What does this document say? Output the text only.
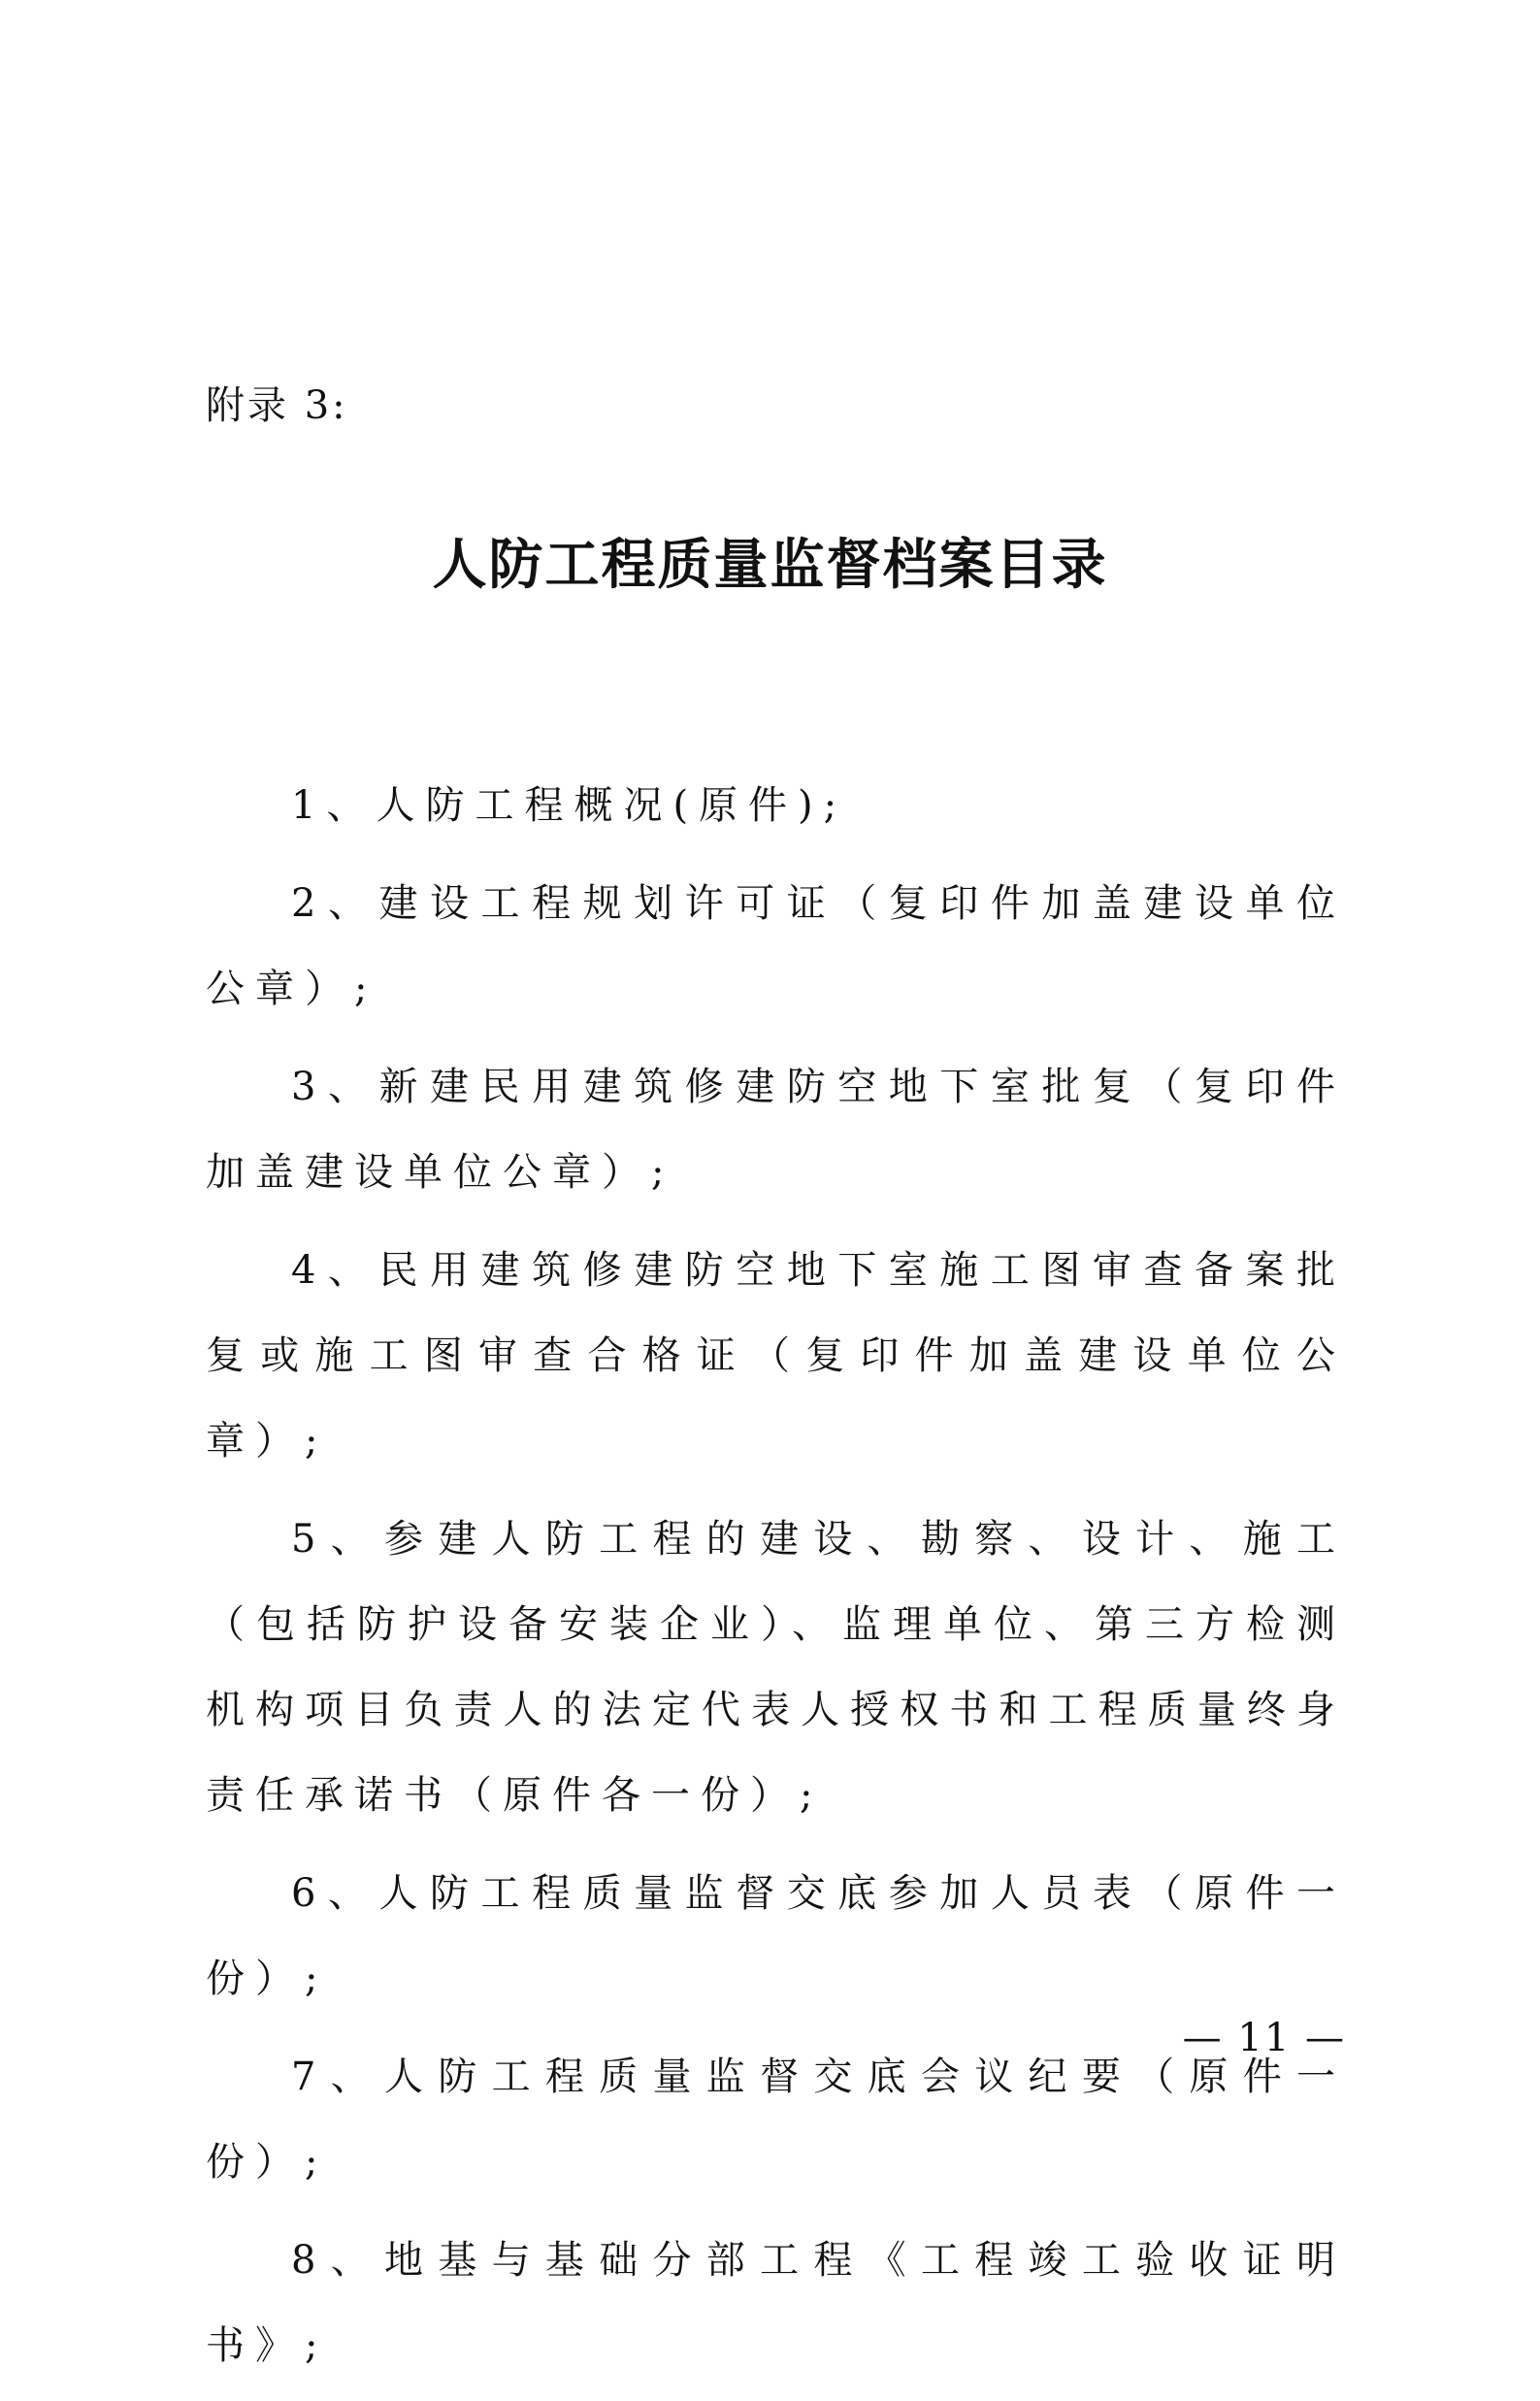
附录 3:
人防工程质量监督档案目录
1、人防工程概况(原件);
2、建设工程规划许可证（复印件加盖建设单位公章）;
3、新建民用建筑修建防空地下室批复（复印件加盖建设单位公章）;
4、民用建筑修建防空地下室施工图审查备案批复或施工图审查合格证（复印件加盖建设单位公章）;
5、参建人防工程的建设、勘察、设计、施工（包括防护设备安装企业）、监理单位、第三方检测机构项目负责人的法定代表人授权书和工程质量终身责任承诺书（原件各一份）;
6、人防工程质量监督交底参加人员表（原件一份）;
7、人防工程质量监督交底会议纪要（原件一份）;
8、地基与基础分部工程《工程竣工验收证明书》;
— 11 —
